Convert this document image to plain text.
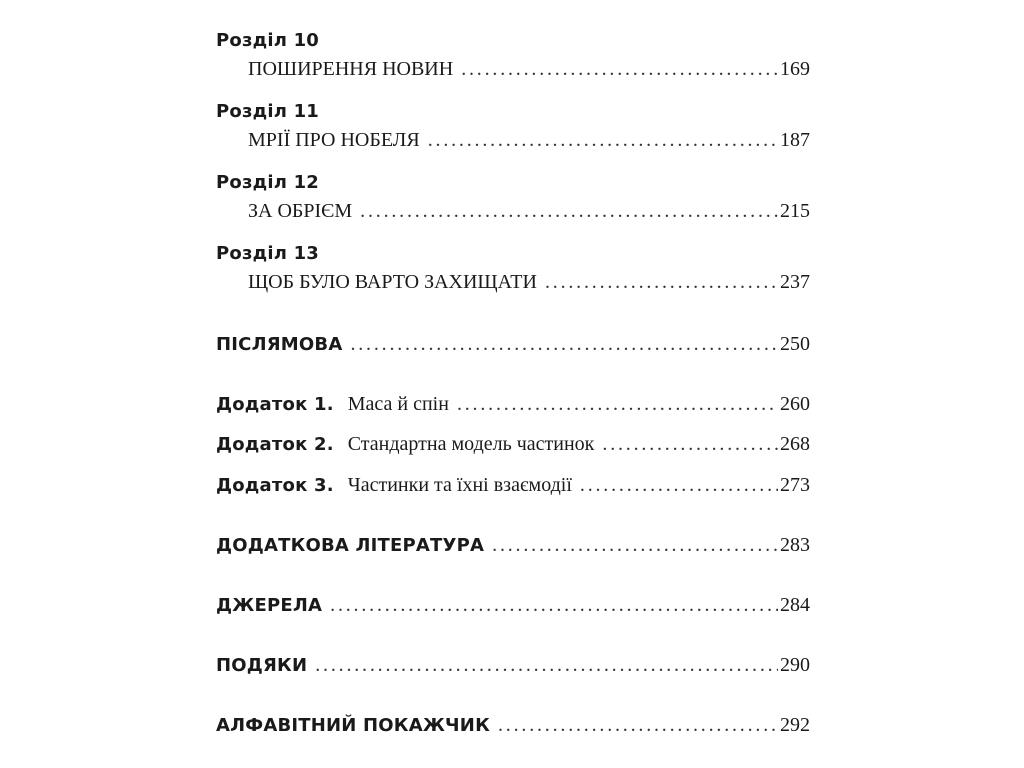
Розділ 10
ПОШИРЕННЯ НОВИН . . .	169
Розділ 11
МРІЇ ПРО НОБЕЛЯ . . .	187
Розділ 12
ЗА ОБРІЄМ . . .	215
Розділ 13
ЩОБ БУЛО ВАРТО ЗАХИЩАТИ . . .	237
ПІСЛЯМОВА . . .	250
Додаток 1. Маса й спін . . .	260
Додаток 2. Стандартна модель частинок . . .	268
Додаток 3. Частинки та їхні взаємодії . . .	273
ДОДАТКОВА ЛІТЕРАТУРА . . .	283
ДЖЕРЕЛА . . .	284
ПОДЯКИ . . .	290
АЛФАВІТНИЙ ПОКАЖЧИК . . .	292
